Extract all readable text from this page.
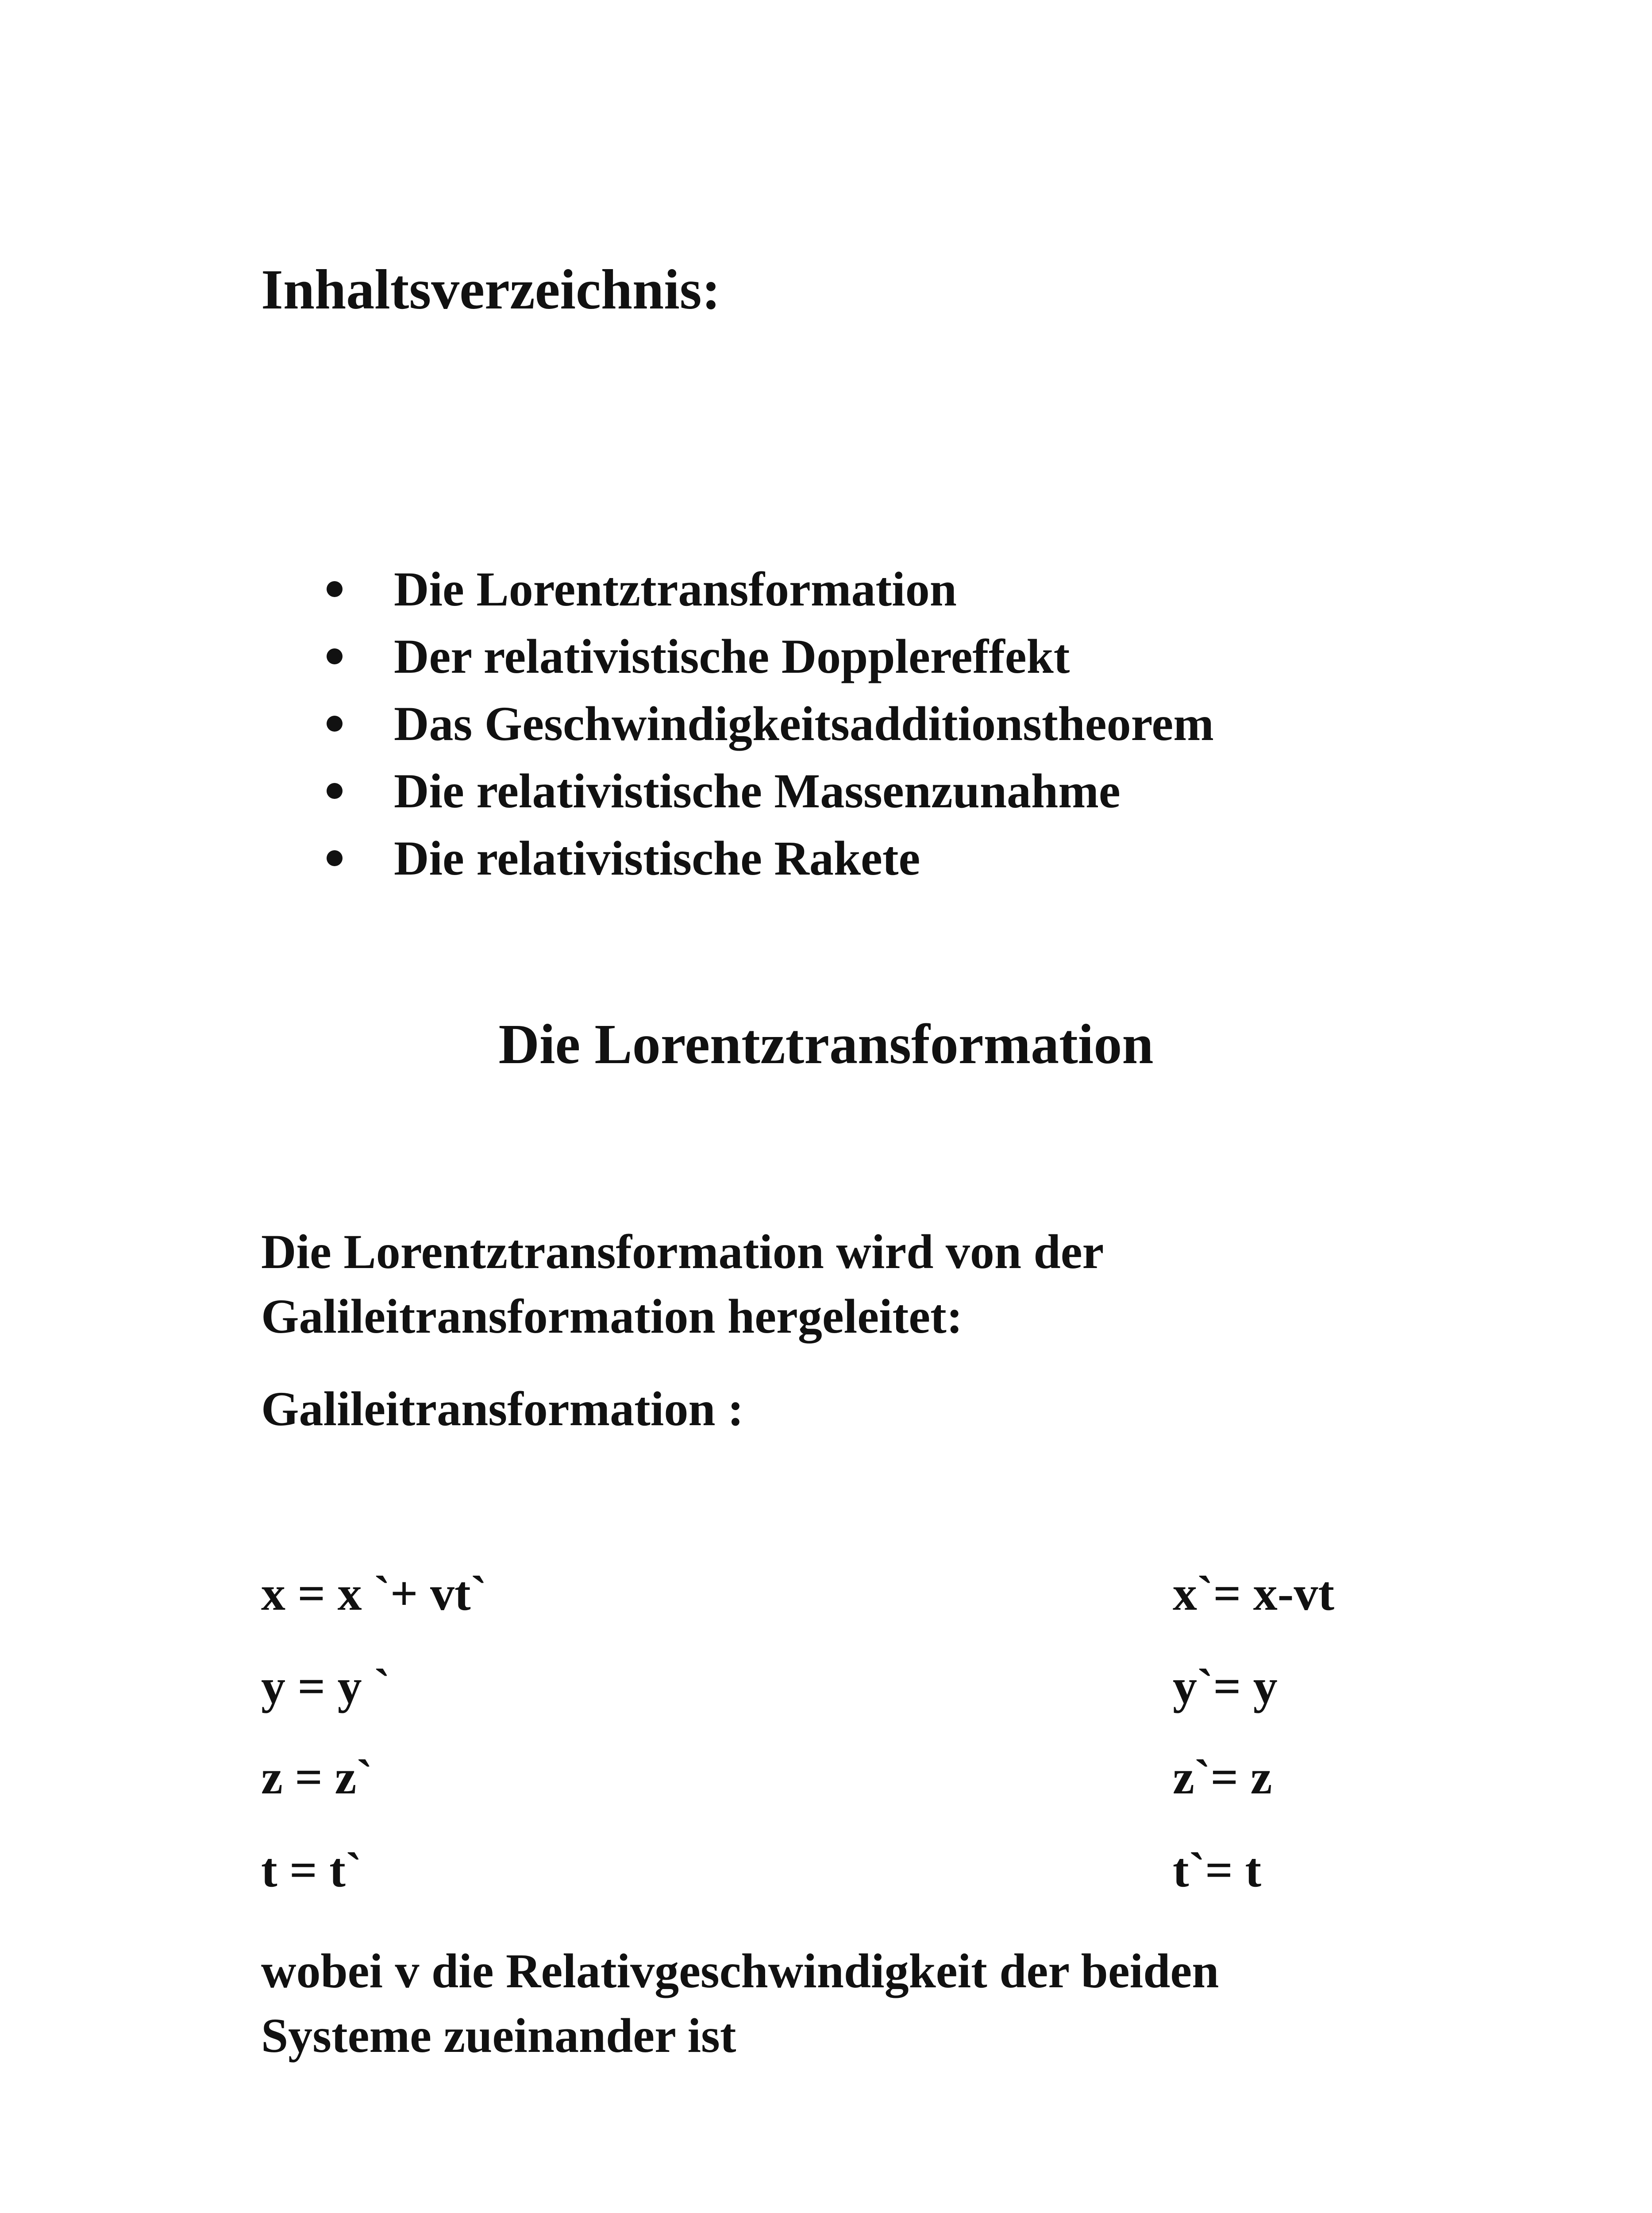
Inhaltsverzeichnis:
Die Lorentztransformation
Der relativistische Dopplereffekt
Das Geschwindigkeitsadditionstheorem
Die relativistische Massenzunahme
Die relativistische Rakete
Die Lorentztransformation
Die Lorentztransformation wird von der
Galileitransformation hergeleitet:
Galileitransformation :
x = x `+ vt`	x`= x-vt
y = y `	y`= y
z = z`	z`= z
t = t`	t`= t
wobei v die Relativgeschwindigkeit der beiden
Systeme zueinander ist
